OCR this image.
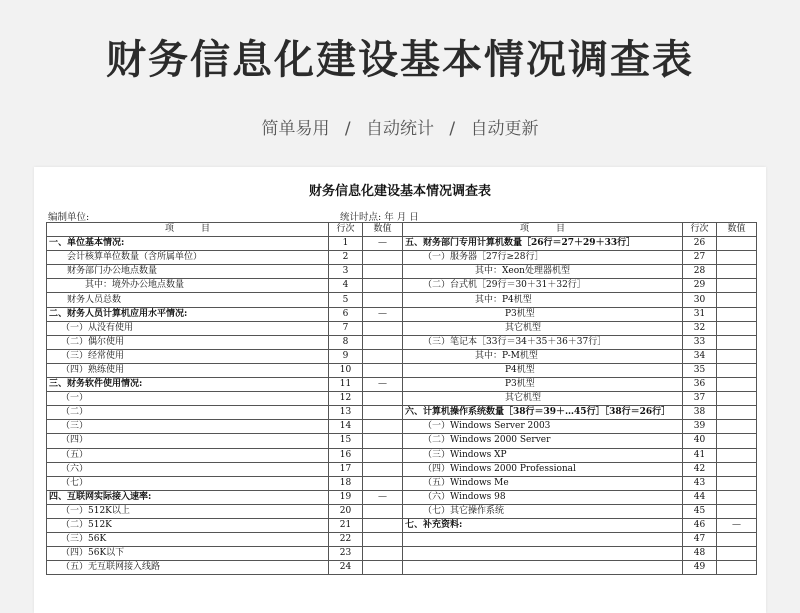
财务信息化建设基本情况调查表
简单易用 / 自动统计 / 自动更新
财务信息化建设基本情况调查表
编制单位:	统计时点: 年 月 日
项　　　目	行次	数值	项　　　目	行次	数值
一、单位基本情况:	1	—	五、财务部门专用计算机数量［26行＝27＋29＋33行］	26	
会计核算单位数量（含所属单位）	2		（一）服务器［27行≥28行］	27	
财务部门办公地点数量	3		其中：Xeon处理器机型	28	
其中：境外办公地点数量	4		（二）台式机［29行＝30＋31＋32行］	29	
财务人员总数	5		其中：P4机型	30	
二、财务人员计算机应用水平情况:	6	—	P3机型	31	
（一）从没有使用	7		其它机型	32	
（二）偶尔使用	8		（三）笔记本［33行＝34＋35＋36＋37行］	33	
（三）经常使用	9		其中：P-M机型	34	
（四）熟练使用	10		P4机型	35	
三、财务软件使用情况:	11	—	P3机型	36	
（一）	12		其它机型	37	
（二）	13		六、计算机操作系统数量［38行＝39＋…45行］［38行＝26行］	38	
（三）	14		（一）Windows Server 2003	39	
（四）	15		（二）Windows 2000 Server	40	
（五）	16		（三）Windows XP	41	
（六）	17		（四）Windows 2000 Professional	42	
（七）	18		（五）Windows Me	43	
四、互联网实际接入速率:	19	—	（六）Windows 98	44	
（一）512K以上	20		（七）其它操作系统	45	
（二）512K	21		七、补充资料:	46	—
（三）56K	22			47	
（四）56K以下	23			48	
（五）无互联网接入线路	24			49	
